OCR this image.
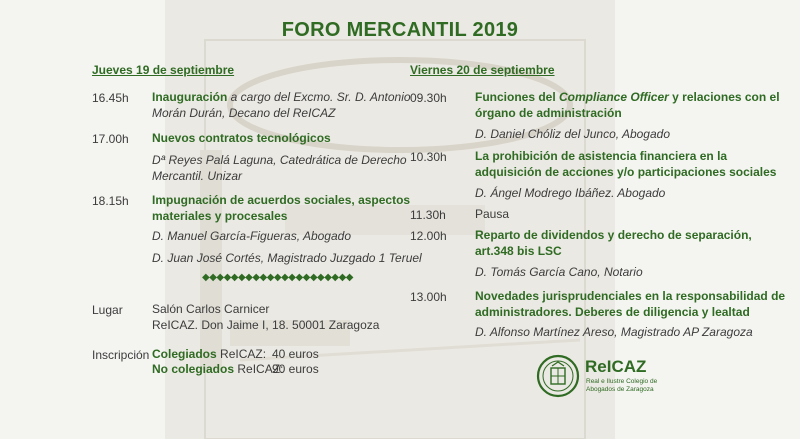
FORO MERCANTIL 2019
Jueves 19 de septiembre
16.45h Inauguración a cargo del Excmo. Sr. D. Antonio
Morán Durán, Decano del ReICAZ
17.00h Nuevos contratos tecnológicos
Dª Reyes Palá Laguna, Catedrática de Derecho
Mercantil. Unizar
18.15h Impugnación de acuerdos sociales, aspectos
materiales y procesales
D. Manuel García-Figueras, Abogado
D. Juan José Cortés, Magistrado Juzgado 1 Teruel
◆◆◆◆◆◆◆◆◆◆◆◆◆◆◆◆◆◆◆◆◆
Lugar Salón Carlos Carnicer
ReICAZ. Don Jaime I, 18. 50001 Zaragoza
Inscripción Colegiados ReICAZ: 40 euros
No colegiados ReICAZ:
90 euros
Viernes 20 de septiembre
09.30h Funciones del Compliance Officer y relaciones con el
órgano de administración
D. Daniel Chóliz del Junco, Abogado
10.30h La prohibición de asistencia financiera en la
adquisición de acciones y/o participaciones sociales
D. Ángel Modrego Ibáñez. Abogado
11.30h Pausa
12.00h Reparto de dividendos y derecho de separación,
art.348 bis LSC
D. Tomás García Cano, Notario
13.00h Novedades jurisprudenciales en la responsabilidad de
administradores. Deberes de diligencia y lealtad
D. Alfonso Martínez Areso, Magistrado AP Zaragoza
ReICAZ
Real e Ilustre Colegio de Abogados de Zaragoza
